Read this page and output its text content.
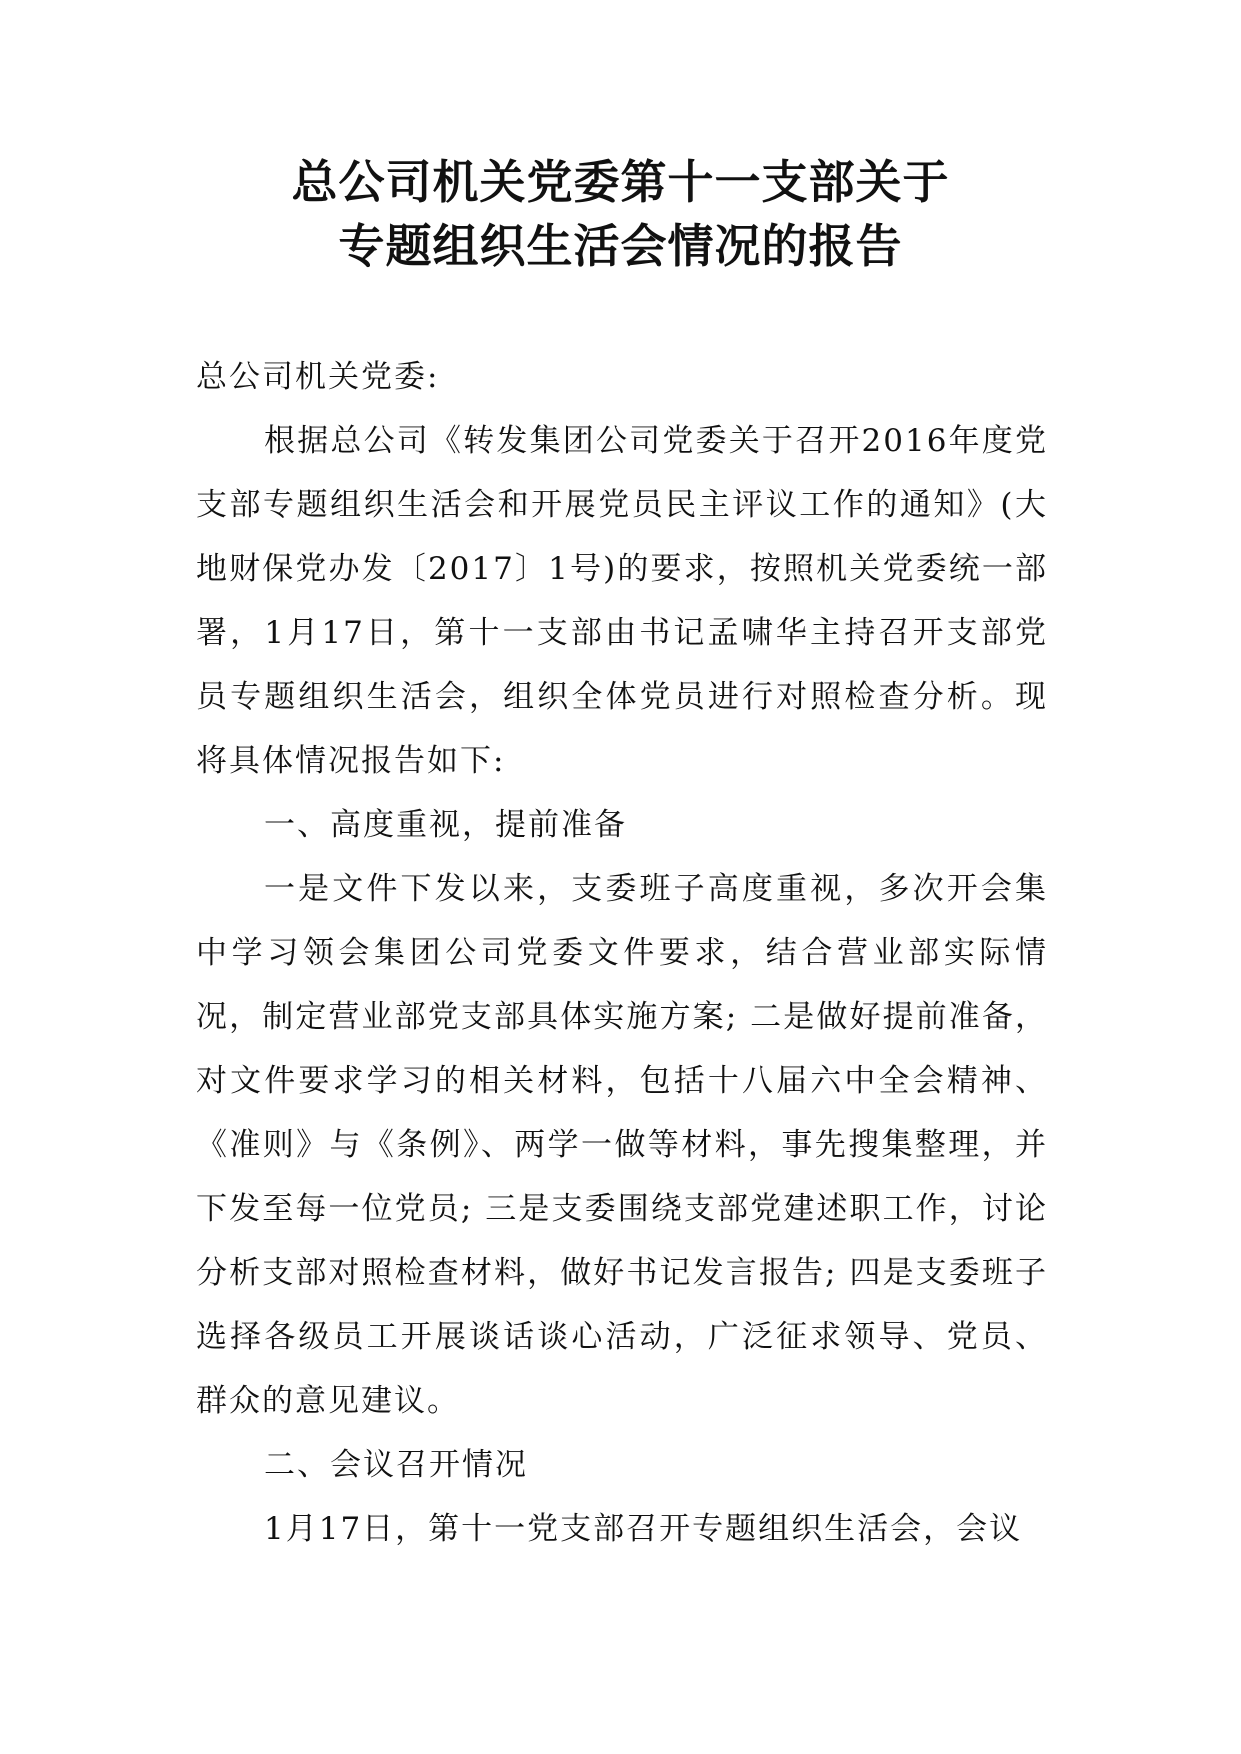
总公司机关党委第十一支部关于
专题组织生活会情况的报告

总公司机关党委:

根据总公司《转发集团公司党委关于召开2016年度党支部专题组织生活会和开展党员民主评议工作的通知》(大地财保党办发〔2017〕1号)的要求，按照机关党委统一部署，1月17日，第十一支部由书记孟啸华主持召开支部党员专题组织生活会，组织全体党员进行对照检查分析。现将具体情况报告如下:

一、高度重视，提前准备

一是文件下发以来，支委班子高度重视，多次开会集中学习领会集团公司党委文件要求，结合营业部实际情况，制定营业部党支部具体实施方案; 二是做好提前准备，对文件要求学习的相关材料，包括十八届六中全会精神、《准则》与《条例》、两学一做等材料，事先搜集整理，并下发至每一位党员; 三是支委围绕支部党建述职工作，讨论分析支部对照检查材料，做好书记发言报告; 四是支委班子选择各级员工开展谈话谈心活动，广泛征求领导、党员、群众的意见建议。

二、会议召开情况

1月17日，第十一党支部召开专题组织生活会，会议
